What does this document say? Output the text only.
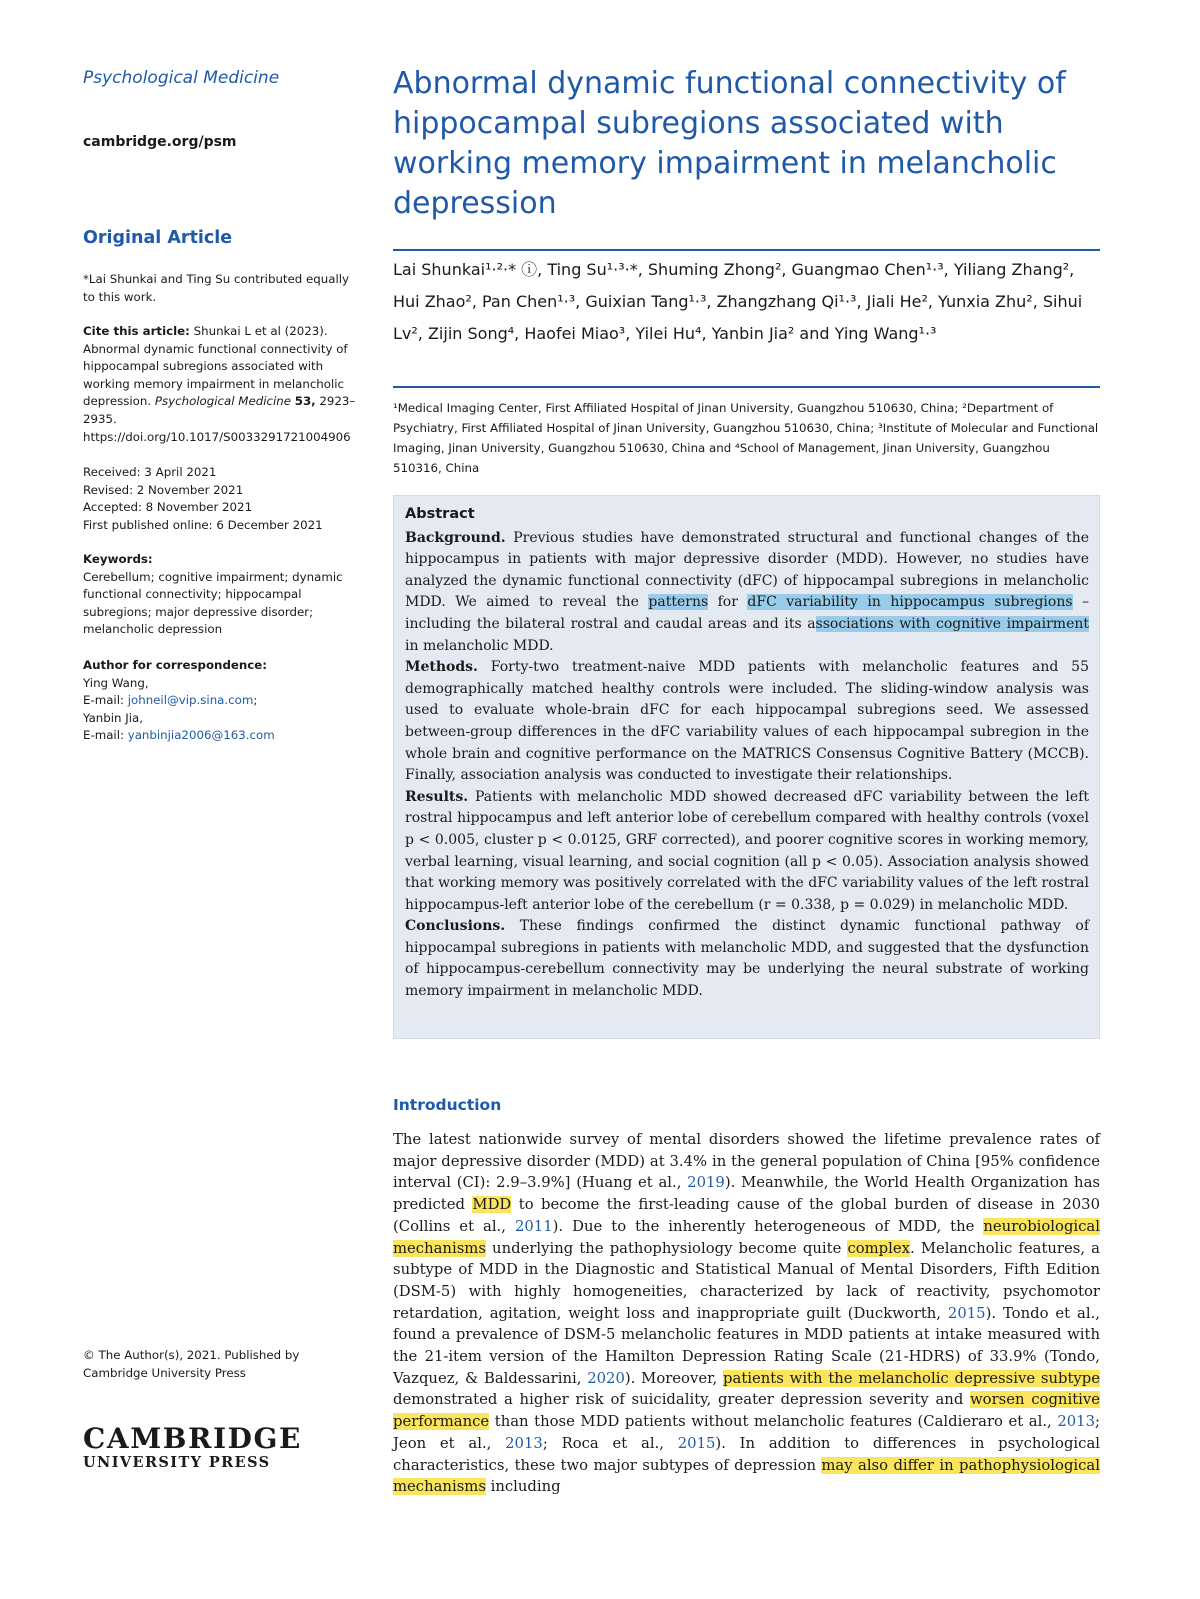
Psychological Medicine
cambridge.org/psm
Original Article

*Lai Shunkai and Ting Su contributed equally to this work.

Cite this article: Shunkai L et al (2023). Abnormal dynamic functional connectivity of hippocampal subregions associated with working memory impairment in melancholic depression. Psychological Medicine 53, 2923–2935. https://doi.org/10.1017/S0033291721004906

Received: 3 April 2021

Revised: 2 November 2021

Accepted: 8 November 2021

First published online: 6 December 2021

Keywords:

Cerebellum; cognitive impairment; dynamic functional connectivity; hippocampal subregions; major depressive disorder; melancholic depression

Author for correspondence:

Ying Wang,

E-mail: johneil@vip.sina.com;

Yanbin Jia,

E-mail: yanbinjia2006@163.com

© The Author(s), 2021. Published by Cambridge University Press

CAMBRIDGE
UNIVERSITY PRESS
Abnormal dynamic functional connectivity of hippocampal subregions associated with working memory impairment in melancholic depression
Lai Shunkai¹·²·* ⓘ, Ting Su¹·³·*, Shuming Zhong², Guangmao Chen¹·³, Yiliang Zhang², Hui Zhao², Pan Chen¹·³, Guixian Tang¹·³, Zhangzhang Qi¹·³, Jiali He², Yunxia Zhu², Sihui Lv², Zijin Song⁴, Haofei Miao³, Yilei Hu⁴, Yanbin Jia² and Ying Wang¹·³
¹Medical Imaging Center, First Affiliated Hospital of Jinan University, Guangzhou 510630, China; ²Department of Psychiatry, First Affiliated Hospital of Jinan University, Guangzhou 510630, China; ³Institute of Molecular and Functional Imaging, Jinan University, Guangzhou 510630, China and ⁴School of Management, Jinan University, Guangzhou 510316, China
Abstract

Background. Previous studies have demonstrated structural and functional changes of the hippocampus in patients with major depressive disorder (MDD). However, no studies have analyzed the dynamic functional connectivity (dFC) of hippocampal subregions in melancholic MDD. We aimed to reveal the patterns for dFC variability in hippocampus subregions – including the bilateral rostral and caudal areas and its associations with cognitive impairment in melancholic MDD.

Methods. Forty-two treatment-naive MDD patients with melancholic features and 55 demographically matched healthy controls were included. The sliding-window analysis was used to evaluate whole-brain dFC for each hippocampal subregions seed. We assessed between-group differences in the dFC variability values of each hippocampal subregion in the whole brain and cognitive performance on the MATRICS Consensus Cognitive Battery (MCCB). Finally, association analysis was conducted to investigate their relationships.

Results. Patients with melancholic MDD showed decreased dFC variability between the left rostral hippocampus and left anterior lobe of cerebellum compared with healthy controls (voxel p < 0.005, cluster p < 0.0125, GRF corrected), and poorer cognitive scores in working memory, verbal learning, visual learning, and social cognition (all p < 0.05). Association analysis showed that working memory was positively correlated with the dFC variability values of the left rostral hippocampus-left anterior lobe of the cerebellum (r = 0.338, p = 0.029) in melancholic MDD.

Conclusions. These findings confirmed the distinct dynamic functional pathway of hippocampal subregions in patients with melancholic MDD, and suggested that the dysfunction of hippocampus-cerebellum connectivity may be underlying the neural substrate of working memory impairment in melancholic MDD.

Introduction

The latest nationwide survey of mental disorders showed the lifetime prevalence rates of major depressive disorder (MDD) at 3.4% in the general population of China [95% confidence interval (CI): 2.9–3.9%] (Huang et al., 2019). Meanwhile, the World Health Organization has predicted MDD to become the first-leading cause of the global burden of disease in 2030 (Collins et al., 2011). Due to the inherently heterogeneous of MDD, the neurobiological mechanisms underlying the pathophysiology become quite complex. Melancholic features, a subtype of MDD in the Diagnostic and Statistical Manual of Mental Disorders, Fifth Edition (DSM-5) with highly homogeneities, characterized by lack of reactivity, psychomotor retardation, agitation, weight loss and inappropriate guilt (Duckworth, 2015). Tondo et al., found a prevalence of DSM-5 melancholic features in MDD patients at intake measured with the 21-item version of the Hamilton Depression Rating Scale (21-HDRS) of 33.9% (Tondo, Vazquez, & Baldessarini, 2020). Moreover, patients with the melancholic depressive subtype demonstrated a higher risk of suicidality, greater depression severity and worsen cognitive performance than those MDD patients without melancholic features (Caldieraro et al., 2013; Jeon et al., 2013; Roca et al., 2015). In addition to differences in psychological characteristics, these two major subtypes of depression may also differ in pathophysiological mechanisms including
